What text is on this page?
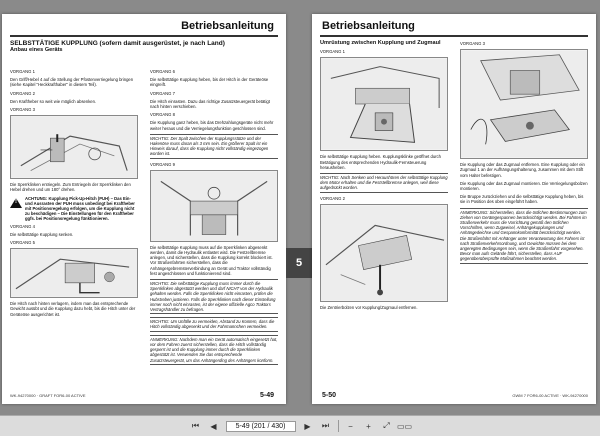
Betriebsanleitung
SELBSTTÄTIGE KUPPLUNG (sofern damit ausgerüstet, je nach Land)
Anbau eines Geräts

VORGANG 1

Den Griff/Hebel 4 auf die Stellung der Pfostenverriegelung bringen (siehe Kapitel "Heckkrafthaber" in diesem Teil).

VORGANG 2

Den Kraftheber so weit wie möglich absenken.

VORGANG 3

Die Sperrklinken entriegeln. Zum Entriegeln der Sperrklinken den Hebel drehen und um 180° drehen.

!
ACHTUNG: Kupplung Pick-Up-Hitch (PUH) – Das Ein- und Ausrasten der PUH muss unbedingt bei Kraftheber mit Positionsregelung erfolgen, um die Kupplung nicht zu beschädigen – Die Einstellungen für den Kraftheber ggfs. bei Positionsregelung fünktionieren.

VORGANG 4

Die selbsttätige Kupplung senken.

VORGANG 5

Die Hitch nach hinten verlagern, indem man das entsprechende Gewicht ausübt und die Kupplung dazu hebt, bis die Hitch unter der Geräteöse ausgerichtet ist.

VORGANG 6

Die selbsttätige Kupplung heben, bis der Hitch in der Geräteöse eingreift.

VORGANG 7

Die Hitch einrasten. Dazu das richtige Zusatzsteuergerät betätigt nach hinten verschieben.

VORGANG 8

Die Kupplung ganz heben, bis das Drehzahlungsgeräte nicht mehr weiter heraus und die Verriegelungsfunktion geschlossen sind.

WICHTIG: Der Spalt zwischen der Kupplungsstütze und der Hakenöse muss daran als 3 mm sein. Ein größerer Spalt ist ein Hinweis darauf, dass die Kupplung nicht vollständig eingezogen worden ist.

VORGANG 9

Die selbsttätige Kupplung muss auf die Sperrklinken abgesenkt werden, damit die Hydraulik entlastet wird. Die Festzellbremse anlegen, und sicherstellen, dass die Kupplung korrekt blockiert ist. Vor Straßenfahrten sicherstellen, dass die Anhängergebremsterverbindung an Gerät und Traktor vollständig fest angeschlossen und funktionierend sind.

WICHTIG: Die selbsttätige Kupplung muss immer durch die Sperrklinken abgestützt werden und darf NICHT von der Hydraulik gehalten werden. Falls die Sperrklinken nicht einrasten, prüfen die Hubstreben justieren. Falls die Sperrklinken nach dieser Einstellung immer noch nicht einrasten, ist der eigene offizielle Agco Traktors Vertragshändler zu befragen.
WICHTIG: Um Unfälle zu vermeiden, Abstand zu Kontern, dass die Hitch vollständig abgesenkt und der Fahrmannchen vermeiden.
ANMERKUNG: Nachdem man ein Gerät automatisch eingesetzt hat, vor dem Fahren zuerst sicherstellen, dass die Hitch vollständig gesperrt ist und die Kupplung immer durch die Sperrklinken abgestützt ist. Verwenden Sie das entsprechende Zusatzsteuergerät, um das Anhängerding des Anhängers konform.
WK-94270000 · GRAFT FOR6-00 ACTIVE	5-49
5
Betriebsanleitung
Umrüstung zwischen Kupplung und Zugmaul

VORGANG 1

Die selbsttätige Kupplung heben. Kupplungsklinke geöffnet durch Betätigung des entsprechenden Hydraulik-Fernsteuerung herausheben.

WICHTIG: Nach Senken und Heraushören der selbsttätige Kupplung dem Motor erhalten und die Feststellbremse anlegen, weil diese aufgedrückt worden.

VORGANG 2

Die Zentrierbolzen vor Kupplung/Zugmaul entfernen.

VORGANG 3

Die Kupplung oder das Zugmaul entfernen. Eine Kupplung oder ein Zugmaul 1 an der Aufhängungshalterung, zusammen mit dem Stift vom Halter befestigen.

Die Kupplung oder das Zugmaul montieren. Die Verriegelungsbolzen montieren.

Die Bruppe zurückziehen und die selbsttätige Kupplung heben, bis sie in Position des oben eingeführt haben.

ANMERKUNG: Sicherstellen, dass die örtlichen Bestimmungen zum Ziehen von Gerätegespannen berücksichtigt werden. Bei Fahrten im Straßenverkehr muss die Vorrichtung gemäß den örtlichen Vorschriften, wenn Zugweisel, Anhängekupplungen und Anhängedeichse und Gespannkonformität berücksichtigt werden. Die Straßenfahrt mit Anhänger unter Verantwortung des Fahrers ist nach Straßenverkehrsordnung, und Gewichte müssen bei dem angeregten Bedingungen sein, wenn die Straßenfahrt vorgesehen. Bevor man aufs Gelände fährt, sicherstellen, dass AUF gegenüberüberprüfte Maßnahmen beachtet werden.
5-50	GWM 7 FOR6-00 ACTIVE · WK-94270000
⏮	◀	5-49 (201 / 430)	▶	⏭	−	+	⤢ ▭▭
